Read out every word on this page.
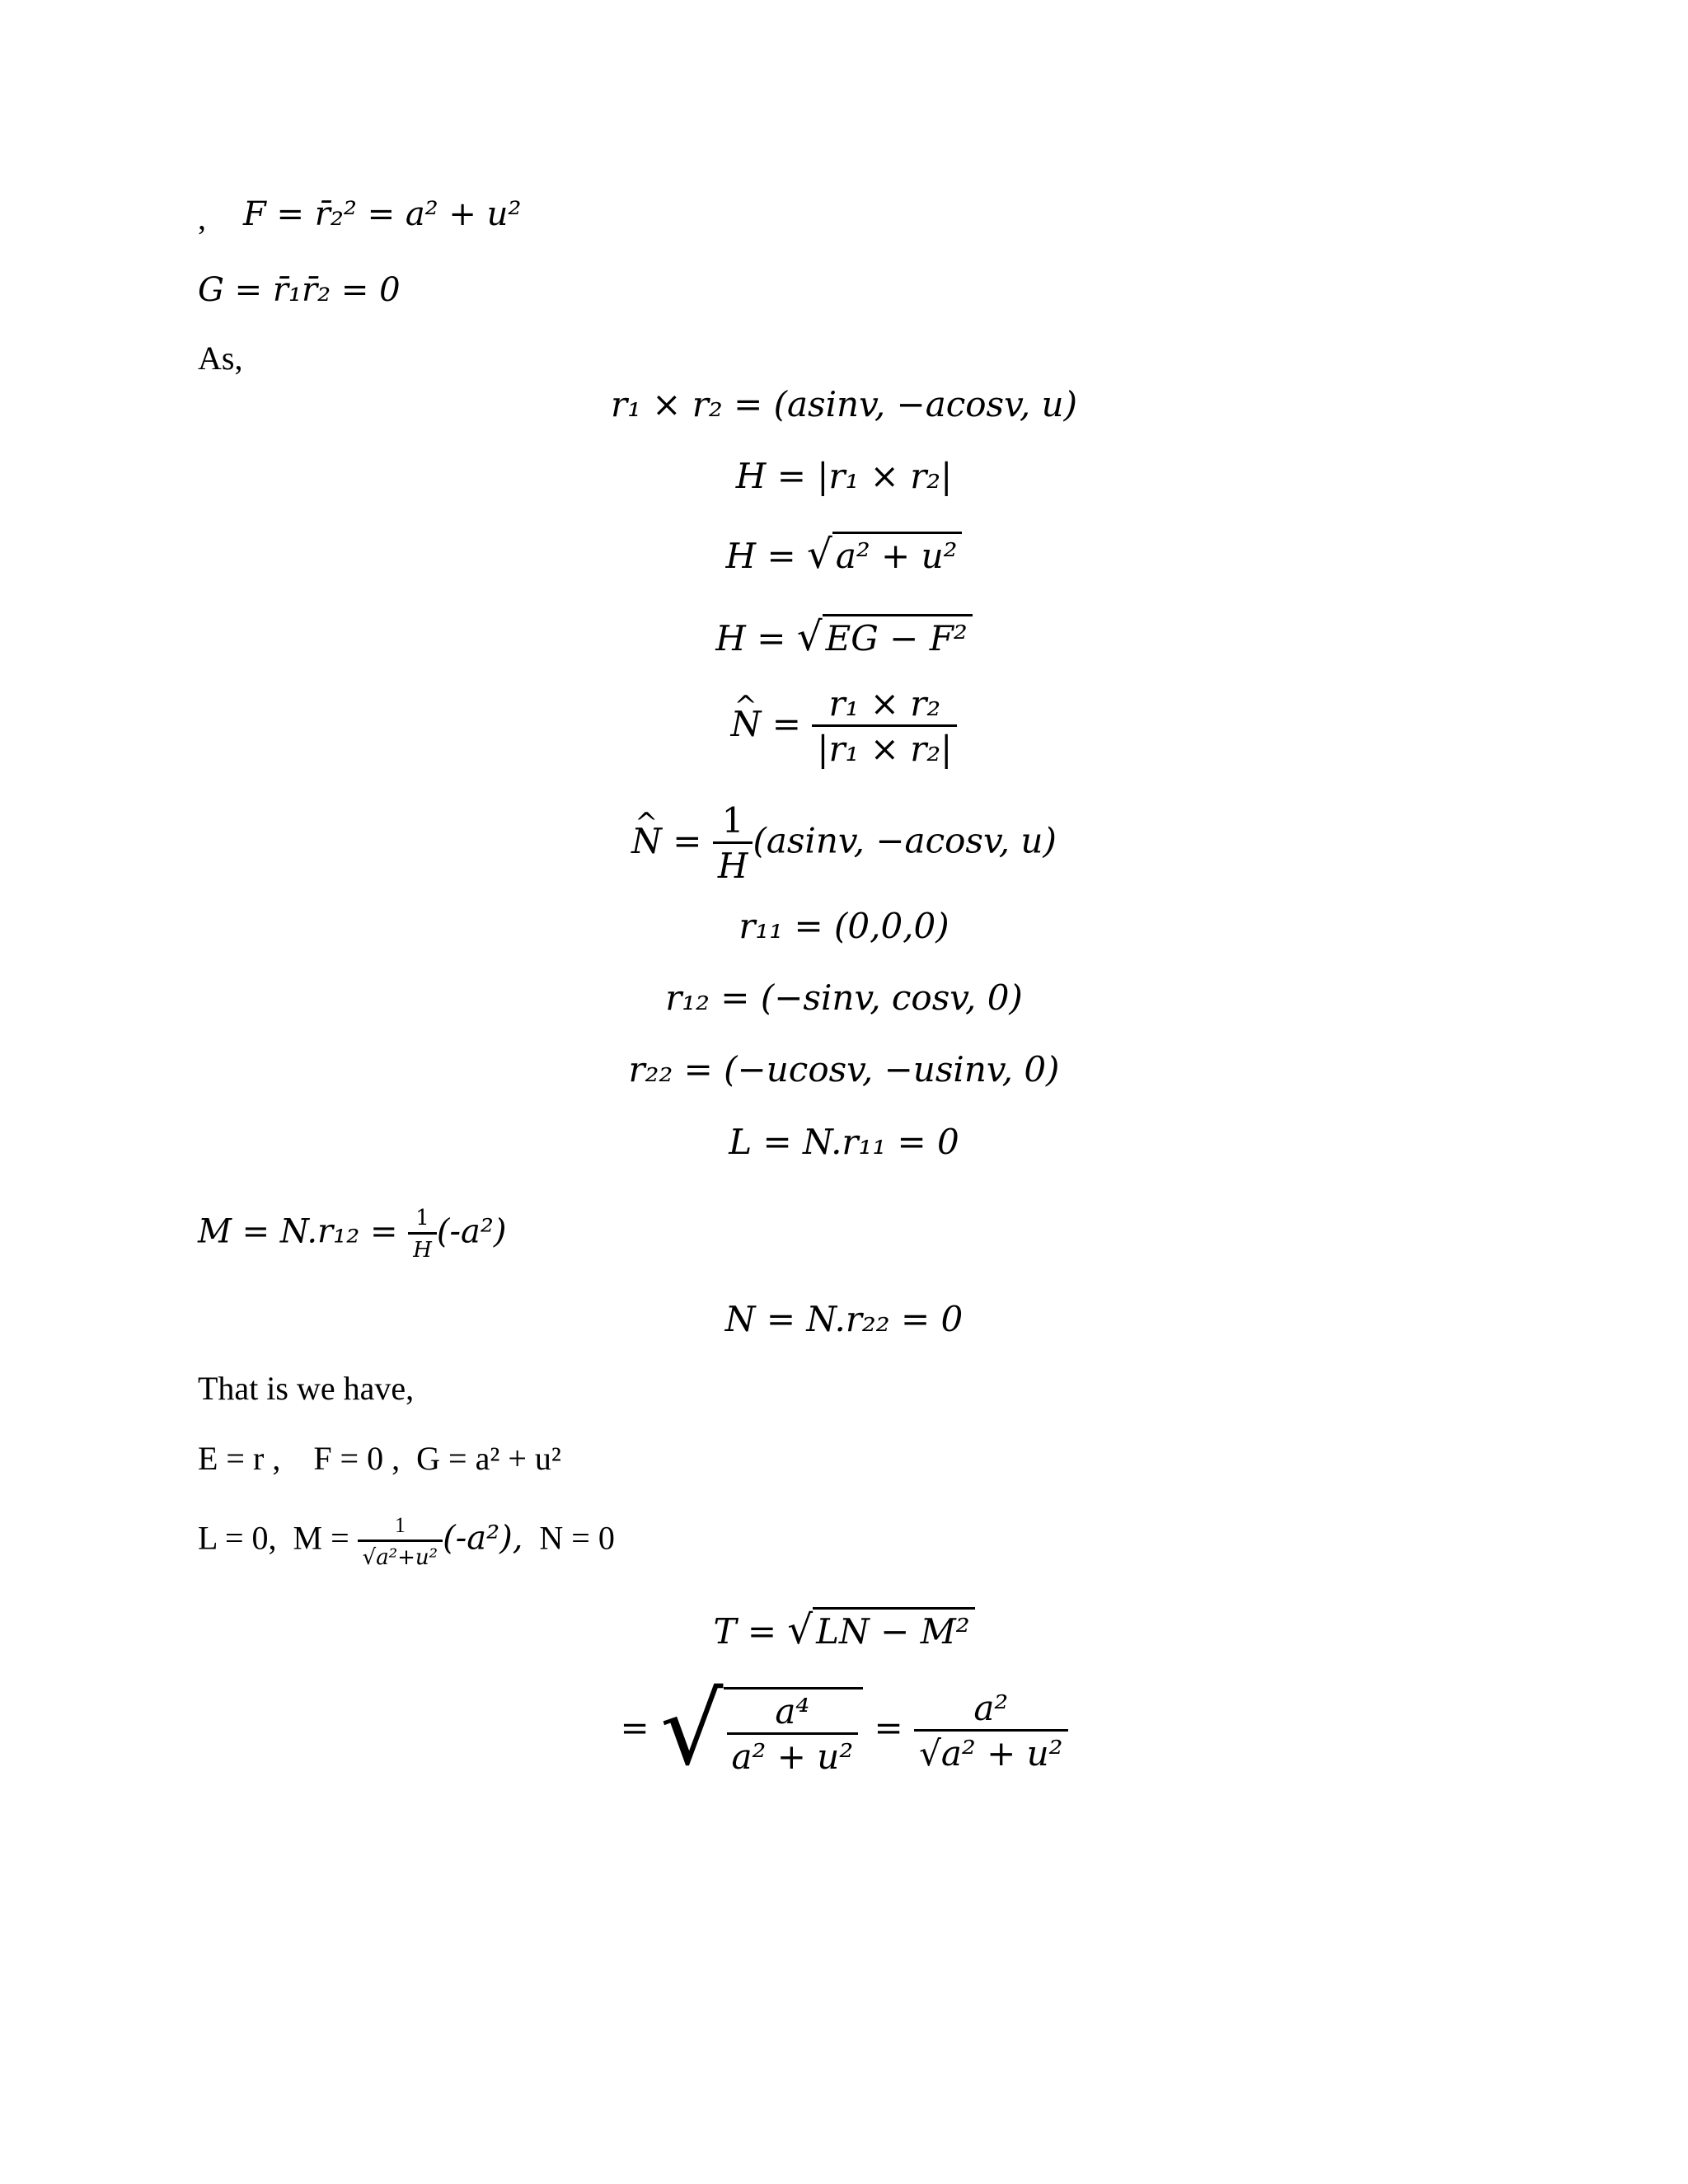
, F = r̄₂² = a² + u²
G = r̄₁r̄₂ = 0
As,
r₁ × r₂ = (asinv, −acosv, u)
H = |r₁ × r₂|
H = √a² + u²
H = √EG − F²
^ $N = \frac{\text{r₁ × r₂}}{\text{|r₁ × r₂|}}$
^ $N = \frac{1}{H} (asinv$, −acosv, u)
r₁₁ = (0,0,0)
r₁₂ = (−sinv, cosv, 0)
r₂₂ = (−ucosv, −usinv, 0)
L = N.r₁₁ = 0
$M = N.r_{12} = \frac{1}{H} (-a^2)$
N = N.r₂₂ = 0
That is we have,
E = r , F = 0 , G = a² + u²
L = 0, $M = \frac{1}{\text{√a²+u²}} (-a^2)$, N = 0
T = √LN − M²
= √ $\frac{\text{a⁴}}{\text{a² + u²}} = \frac{\text{a²}}{\text{√a² + u²}}$
